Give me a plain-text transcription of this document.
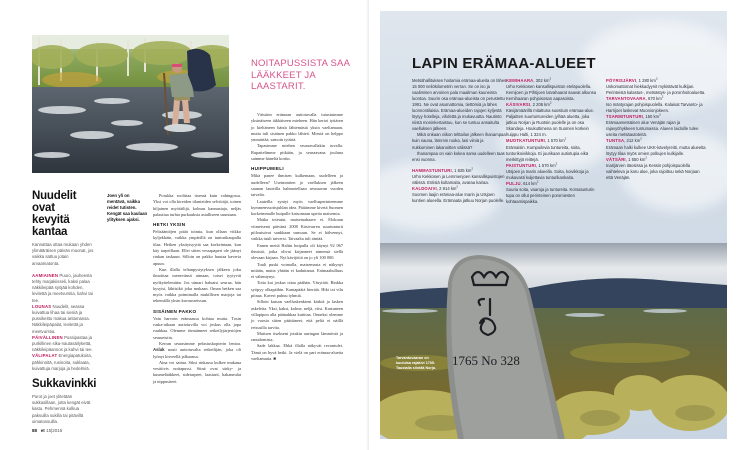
Nuudelit ovat kevyitä kantaa

Kannattaa ottaa mukaan yhden ylimääräisen päivän muonat, jos vaikka sattuu jotain arvaamatonta.

AAMIAINEN Puuro, jauheesta tehty marjakiisseli, kaksi palaa näkkileipää syöjää kohden, levitettä ja meetvurstia, kahvi tai tee.

LOUNAS Nuudelit, seassa kuivattua lihaa tai sieniä ja pussikeitto makua antamassa. Näkkileipäpalat, levitettä ja meetvurstia.

PÄIVÄLLINEN Pussipastaa ja purkillinen sika-nautasäilykettä, näkkileipäannos ja kahvi tai tee.

VÄLIPALAT Energiapatukoita, pähkinöitä, rusinoita, suklaata, kuivattuja marjoja ja hedelmiä.

Sukkavinkki

Purot ja joet ylitetään sukkasillaan, jotta kengät eivät kastu. Pehmennä kulkua paksuilla sukilla tai pitävillä uimatossuilla.

Joen yli on mentävä, vaikka reidet tutisten. Kengät saa kaulaan ylityksen ajaksi.

Porukka roolittaa itsensä kuin vahingossa. Yksi voi olla kireiden tilanteiden selvittäjä, toinen hiljainen myötäilijä, kolmas kannustaja, neljäs palauttaa turhia purkauksia asialliseen suuntaan.

HETKI YKSIN

Pelisääntöjen pitää toimia, kun ollaan viikko kyljekkäin, vaikka ympärillä on tunturikaupalla tilaa. Hetken yksityisyyttä saa korkeintaan, kun käy tarpeillaan. Ellei sitten vessapaperi ole jäänyt rinkan taskuun. Silloin on pakko huutaa kaveria apuun.

Kun illalla teltanpystytyksen jälkeen joku ilmoittaa menevänsä uimaan, toiset tyytyvät nyökyttelemään. Jos uimari haluaisi seuraa, hän kysyisi, lähtisikö joku mukaan. Oman hetken saa myös vaikka poimimalla mukillisen marjoja tai tekemällä yksin kuvausreissun.

SISÄINEN PAKKO

Vain harvoin erämaassa kohtaa muita. Tosin ruska-aikaan autiotuvilla voi joskus olla jopa ruuhkaa. Olemme törmänneet retkeilyjärjestöjen seurueisiin.

Kerran seurasimme pelastuskopterin lentoa. Aslak nouti autiotuvalta retkeilijän, joka oli lyönyt kirveellä jalkaansa.

Aina voi sattua. Siksi rinkassa kulkee mukana vesitiivis noitapussi. Siinä ovat särky- ja kuumelääkkeet, sidetarpeet, laastarit, hakaneulat ja nippusiteet.

NOITAPUSSISTA SAA LÄÄKKEET JA LAASTARIT.

Vätsärin erämaan autiotuvalla tutustuimme yksinäiseen iäkkäiseen mieheen. Hän kertoi tyttären jo kieltäneen häntä lähtemästä yksin vaeltamaan, mutta tuli sisäinen pakko lähteä. Miestä on helppo ymmärtää, samoin tytärtä.

Tapasimme miehen seuraavallakin tuvalla. Rupattelimme pitkään, ja seuraavana jouluna saimme häneltä kortin.

HUIPPUMIELI

Mikä panee ihmisen kulkemaan, uudelleen ja uudelleen? Useimmiten jo vaelluksen jälkeen saunan lauteilla hahmotellaan seuraavan vuoden taivalta.

Lauteilla syntyi myös vaellusperinteemme kymmenvuotisjuhlan idea. Päätimme kivetä Suomen korkeimmalle huipulle katsomaan upeita maisemia.

Matka toteutui, maisemahaave ei. Elokuun viimeisenä päivänä 2008 Käsivarren suurtunturit piiloutuivat sankkaan sumuun. Se ei hälvennyt, vaikka tuuli tuiversi. Taivaalta tuli räntää.

Ennen meitä Haltin huipulla oli käynyt 92 067 ihmistä, jotka olivat kirjanneet nimensä siellä olevaan kirjaan. Nyt kävijöitä on jo yli 100 000.

Tuuli puski voimalla, maisemasta ei näkynyt mitään, mutta yhtään ei kaduttanut. Erämaahulluus ei vähentynyt.

Totta kai joskus ottaa päähän. Väsyttää. Rinkka syöpyy olkapäihin. Kantapäätä hiertää. Hiki tai vilu piinaa. Kaveri puhuu tyhmiä.

Silloin katson vaelluskenkieni kärkiä ja lasken askeleita. Yksi, kaksi, kolme, neljä, viisi. Kastuneen villapipon alla päänahkaa kutittaa. Onneksi olemme jo vuosia sitten päättäneet, että peliä ei näillä reissuilla tarvita.

Mutisen itsekseni jotakin auringon lämmöstä ja rantalomista.

Sade lakkaa. Ehkä illalla näkyvät revontulet. Tämä on hyvä hetki. Ja vielä on pari erämaa-aluetta vaeltamatta. ■

88 et 15|2015
LAPIN ERÄMAA-ALUEET

Metsähallituksen hoitamia erämaa-alueita on lähes 15 000 neliökilometrin verran. Se on iso ja vaalimisen arvoinen pala maailman kauneinta luontoa. Suurin osa erämaa-alueista on perustettu 1991. Ne ovat asumattomia, tiettömiä ja lähes luonnontilaisia. Erämaa-alueiden rajojen kyljestä löytyy hotelleja, vihdettä ja mukavuutta. Nautinto niistä moninkertaistuu, kun se tuntuu ansaitulta vaelluksen jälkeen.

Mikä onkaan viikon telttailun jälkeen ihanampaa kuin sauna, lämmin ruoka, lasi viiniä ja nukkuminen lakanoitten välissä?

Ihanampaa on vain kokea sama uudelleen taas ensi vuonna.

HAMMASTUNTURI, 1 825 $km^2$
Urho Kekkosen ja Lemmenjoen kansallispuistojen välissä. Entisiä kultamaita, avaraa kairaa.

KALDOAIVI, 2 914 $km^2$
Suomen laajin erämaa-alue Inarin ja Utsjoen kuntien alueella. Erämaata jatkuu Norjan puolelle.

KEMIHAARA, 302 $km^2$
Urho Kekkosen kansallispuiston eteläpuolella. Kemijoen ja Pihtijoen latvahaarat saavat alkunsa Kemihaaran pohjoisosan aapasoista.

KÄSIVARSI, 2 206 $km^2$
Kävijämäärillä mitattuna suosituin erämaa-alue. Paljaitten suurtuntureiden jylhää aluetta, joka jatkuu Norjan ja Ruotsin puolelle ja on osa Skandeja. Houkuttimena on Suomen korkein huippu Halti, 1 324 m.

MUOTKATUNTURI, 1 570 $km^2$
Erämaisin. Kumpuilevia tuntureita, soita, tunturikoivikkoja. Ei juurikaan autiotupia eikä merkittyjä reittejä.

PAISTUNTURI, 1 570 $km^2$
Utsjoen ja Inarin alueella. Soita, koivikkoja ja mukavasti kuljettavia tunturikankaita.

PULJU, 614 $km^2$
Suuria soita, vaaroja ja tuntureita. Korsatunturin tupa on ollut perinteinen poromiesten kohtaamispaikka.

PÖYRISJÄRVI, 1 280 $km^2$
Uskomattomat hiekkadyynit mykistävät kulkijan. Perinteistä kalastus-, metsästys- ja poronhoitoaluetta.

TARVANTOVAARA, 670 $km^2$
Iso mäntyrajan pohjoispuolella. Kalaisat Tarvanto- ja Harrijoet laskevat Muonionjokeen.

TSARMITUNTURI, 150 $km^2$
Erämaametsäinen alue Venäjän rajan ja rajavyöhykkeen tuntumassa. Alueen laidoille tulee useita metsäautoteitä.

TUNTSA, 212 $km^2$
Erämaan halki kulkee UKK-kävelyreitti, mutta alueelta löytyy tilaa myös omien polkujen kulkijalle.

VÄTSÄRI, 1 550 $km^2$
Inarijärven itäosissa ja Kessin pohjoispuolella vaihteleva ja karu alue, joka rajoittuu sekä Norjaan että Venäjän.

1765 No 328
Tarvantovaaran on kuuluisa rajakivi 1765. Taustalla siintää Norja.
